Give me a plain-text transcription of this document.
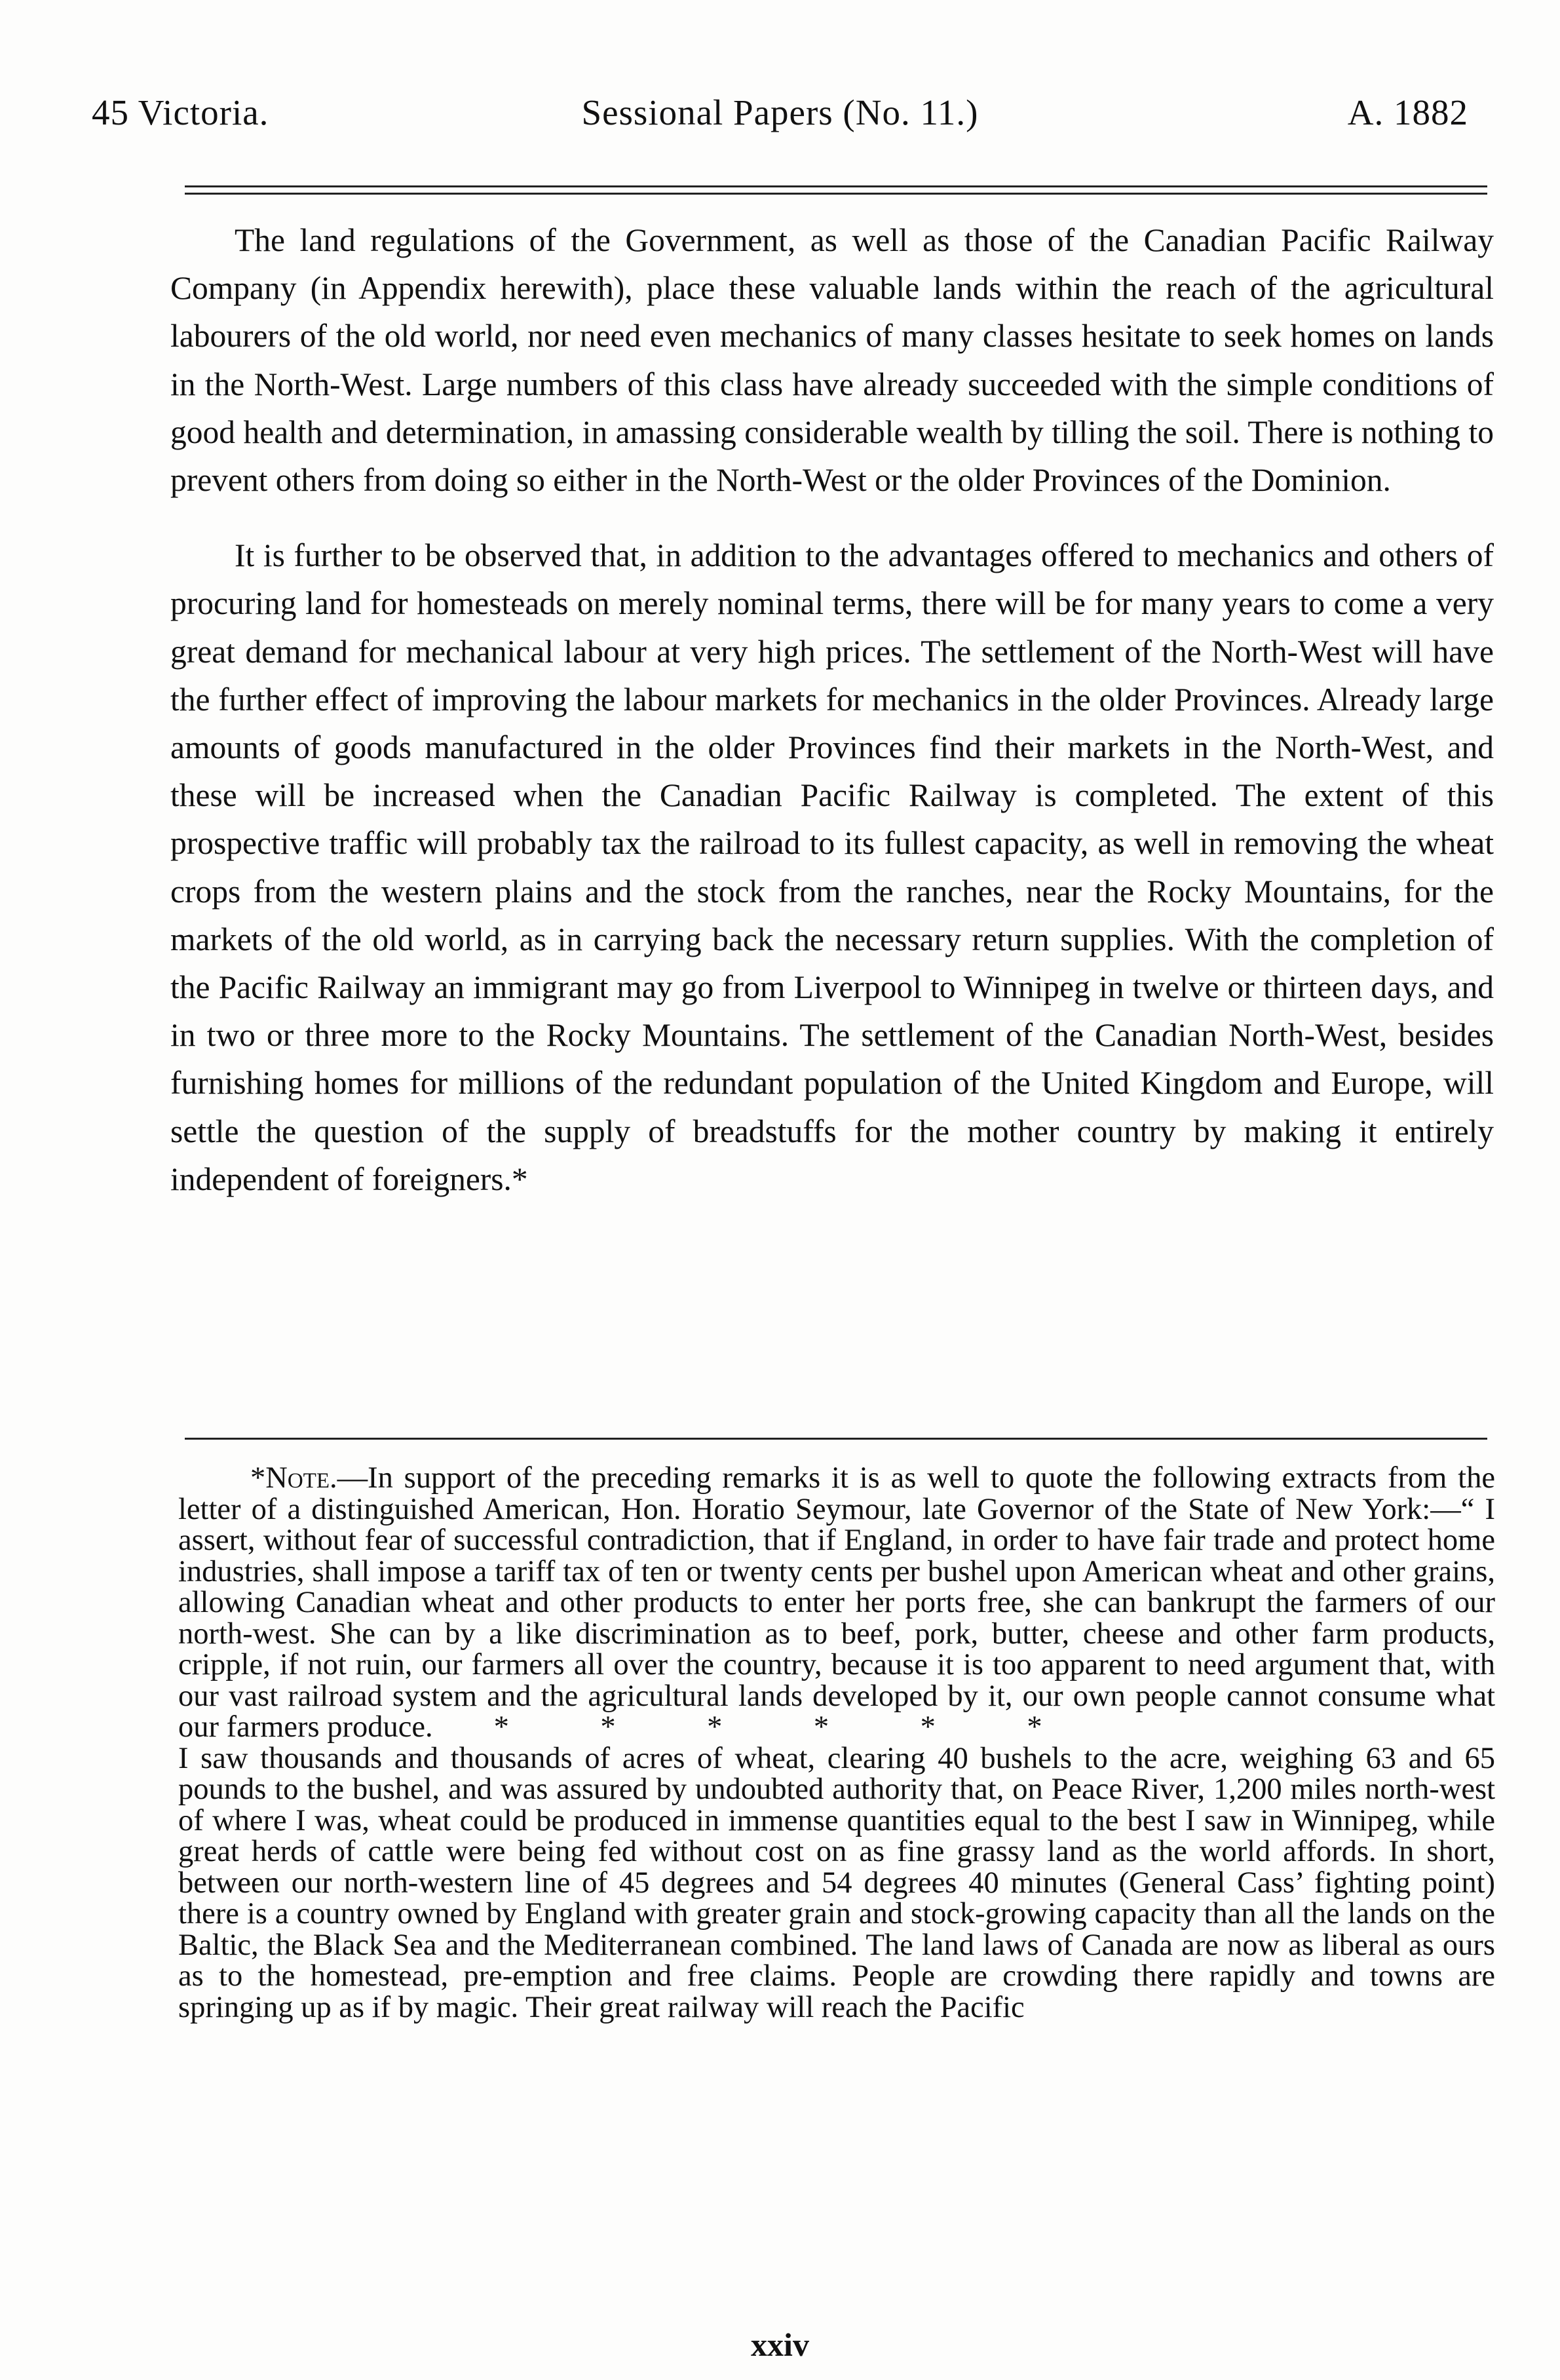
45 Victoria.	Sessional Papers (No. 11.)	A. 1882

The land regulations of the Government, as well as those of the Canadian Pacific Railway Company (in Appendix herewith), place these valuable lands within the reach of the agricultural labourers of the old world, nor need even mechanics of many classes hesitate to seek homes on lands in the North-West. Large numbers of this class have already succeeded with the simple conditions of good health and determination, in amassing considerable wealth by tilling the soil. There is nothing to prevent others from doing so either in the North-West or the older Provinces of the Dominion.

It is further to be observed that, in addition to the advantages offered to mechanics and others of procuring land for homesteads on merely nominal terms, there will be for many years to come a very great demand for mechanical labour at very high prices. The settlement of the North-West will have the further effect of improving the labour markets for mechanics in the older Provinces. Already large amounts of goods manufactured in the older Provinces find their markets in the North-West, and these will be increased when the Canadian Pacific Railway is completed. The extent of this prospective traffic will probably tax the railroad to its fullest capacity, as well in removing the wheat crops from the western plains and the stock from the ranches, near the Rocky Mountains, for the markets of the old world, as in carrying back the necessary return supplies. With the completion of the Pacific Railway an immigrant may go from Liverpool to Winnipeg in twelve or thirteen days, and in two or three more to the Rocky Mountains. The settlement of the Canadian North-West, besides furnishing homes for millions of the redundant population of the United Kingdom and Europe, will settle the question of the supply of breadstuffs for the mother country by making it entirely independent of foreigners.*

*Note.—In support of the preceding remarks it is as well to quote the following extracts from the letter of a distinguished American, Hon. Horatio Seymour, late Governor of the State of New York:—“ I assert, without fear of successful contradiction, that if England, in order to have fair trade and protect home industries, shall impose a tariff tax of ten or twenty cents per bushel upon American wheat and other grains, allowing Canadian wheat and other products to enter her ports free, she can bankrupt the farmers of our north-west. She can by a like discrimination as to beef, pork, butter, cheese and other farm products, cripple, if not ruin, our farmers all over the country, because it is too apparent to need argument that, with our vast railroad system and the agricultural lands developed by it, our own people cannot consume what our farmers produce.   *   *   *   *   *   *
I saw thousands and thousands of acres of wheat, clearing 40 bushels to the acre, weighing 63 and 65 pounds to the bushel, and was assured by undoubted authority that, on Peace River, 1,200 miles north-west of where I was, wheat could be produced in immense quantities equal to the best I saw in Winnipeg, while great herds of cattle were being fed without cost on as fine grassy land as the world affords. In short, between our north-western line of 45 degrees and 54 degrees 40 minutes (General Cass’ fighting point) there is a country owned by England with greater grain and stock-growing capacity than all the lands on the Baltic, the Black Sea and the Mediterranean combined. The land laws of Canada are now as liberal as ours as to the homestead, pre-emption and free claims. People are crowding there rapidly and towns are springing up as if by magic. Their great railway will reach the Pacific

xxiv
